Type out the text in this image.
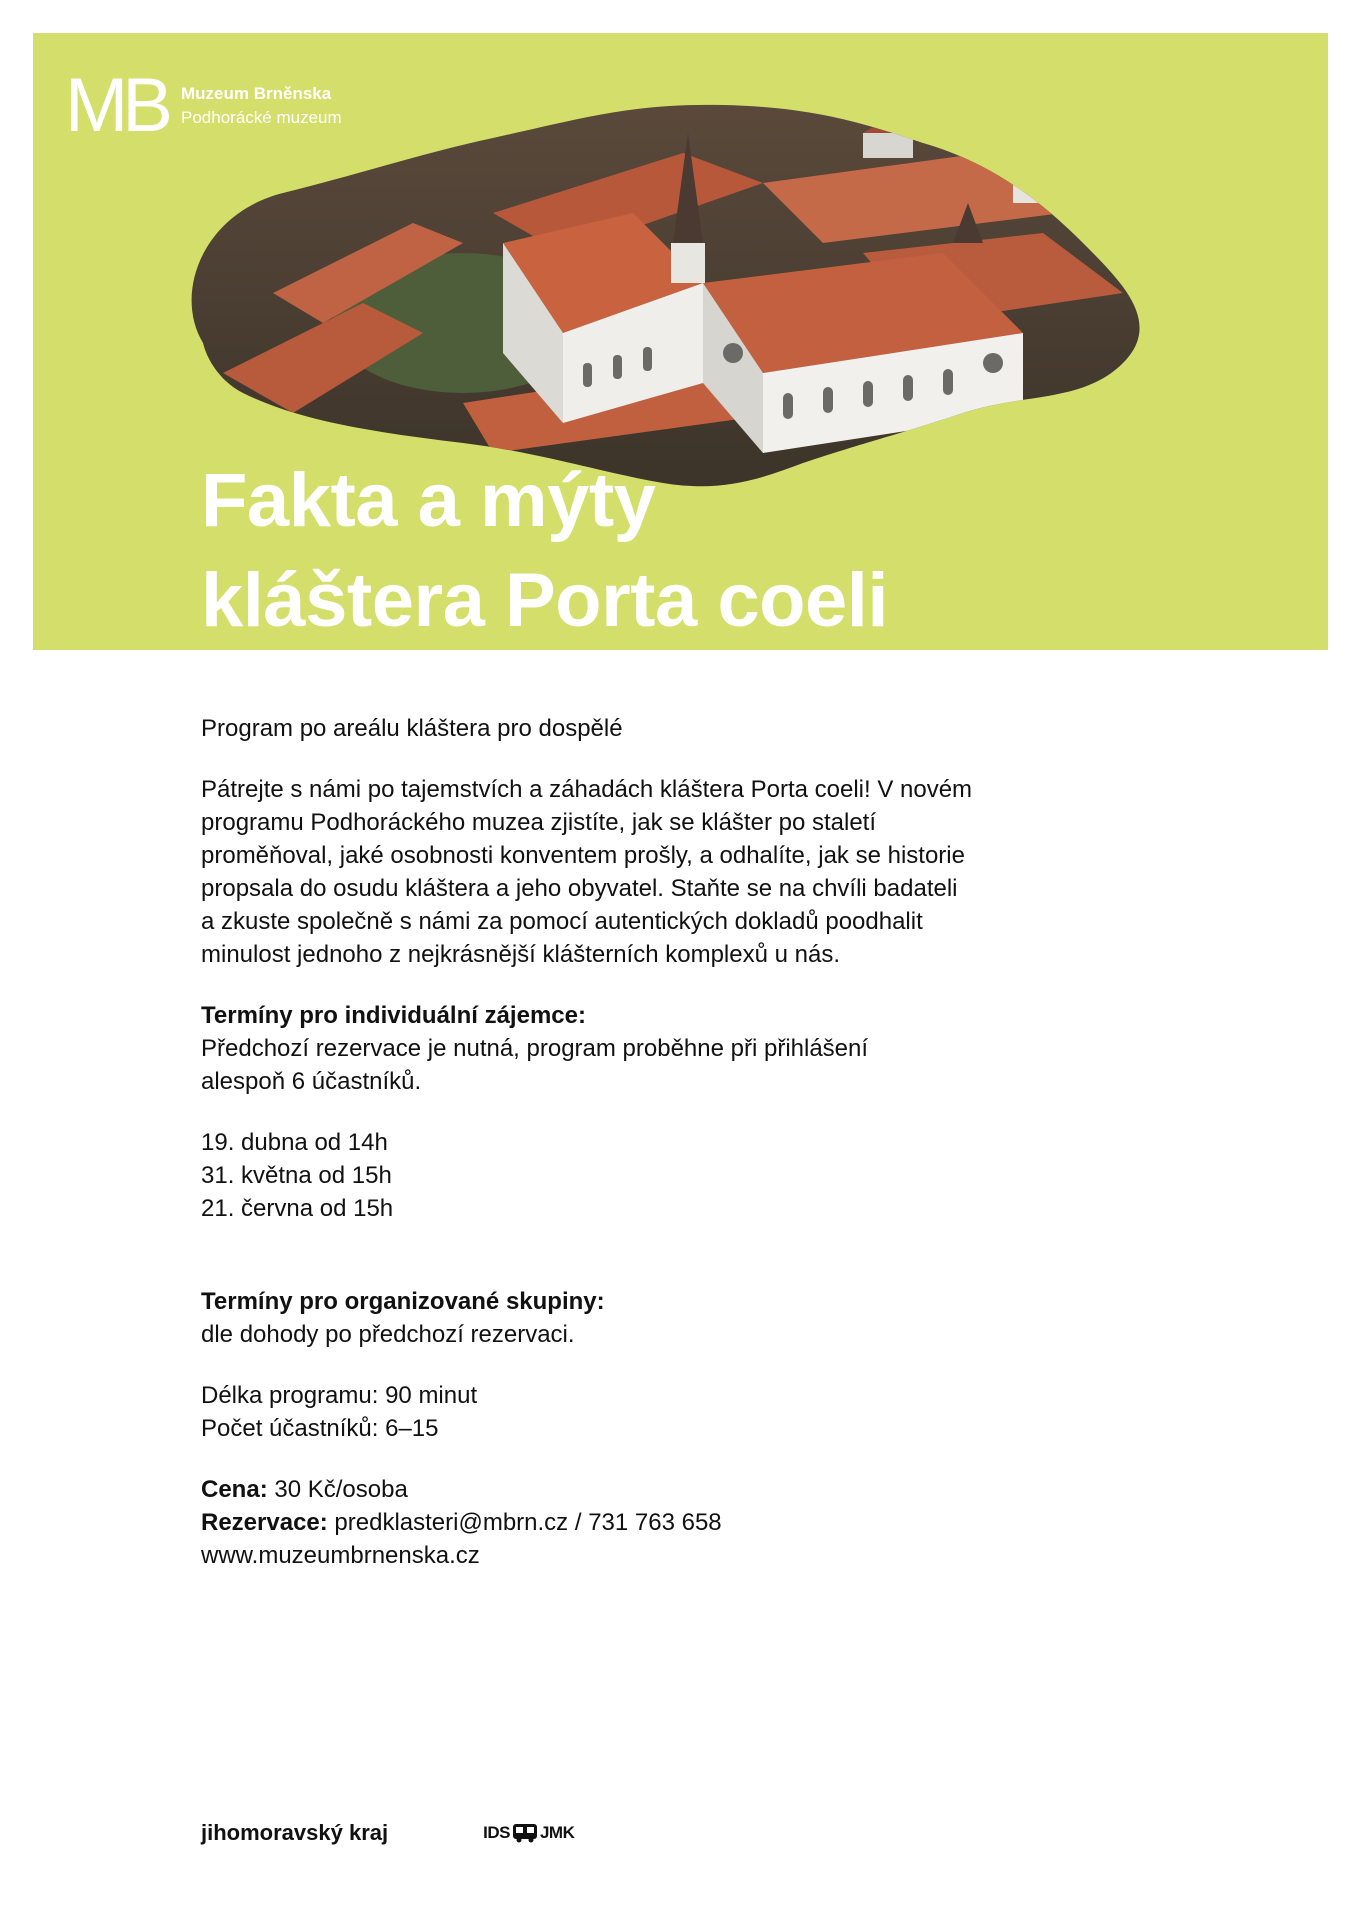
MB Muzeum Brněnska
Podhorácké muzeum
Fakta a mýty
kláštera Porta coeli

Program po areálu kláštera pro dospělé

Pátrejte s námi po tajemstvích a záhadách kláštera Porta coeli! V novém

programu Podhoráckého muzea zjistíte, jak se klášter po staletí

proměňoval, jaké osobnosti konventem prošly, a odhalíte, jak se historie

propsala do osudu kláštera a jeho obyvatel. Staňte se na chvíli badateli

a zkuste společně s námi za pomocí autentických dokladů poodhalit

minulost jednoho z nejkrásnější klášterních komplexů u nás.

Termíny pro individuální zájemce:

Předchozí rezervace je nutná, program proběhne při přihlášení

alespoň 6 účastníků.

19. dubna od 14h

31. května od 15h

21. června od 15h

Termíny pro organizované skupiny:

dle dohody po předchozí rezervaci.

Délka programu: 90 minut

Počet účastníků: 6–15

Cena: 30 Kč/osoba

Rezervace: predklasteri@mbrn.cz / 731 763 658

www.muzeumbrnenska.cz

jihomoravský kraj	IDS JMK
